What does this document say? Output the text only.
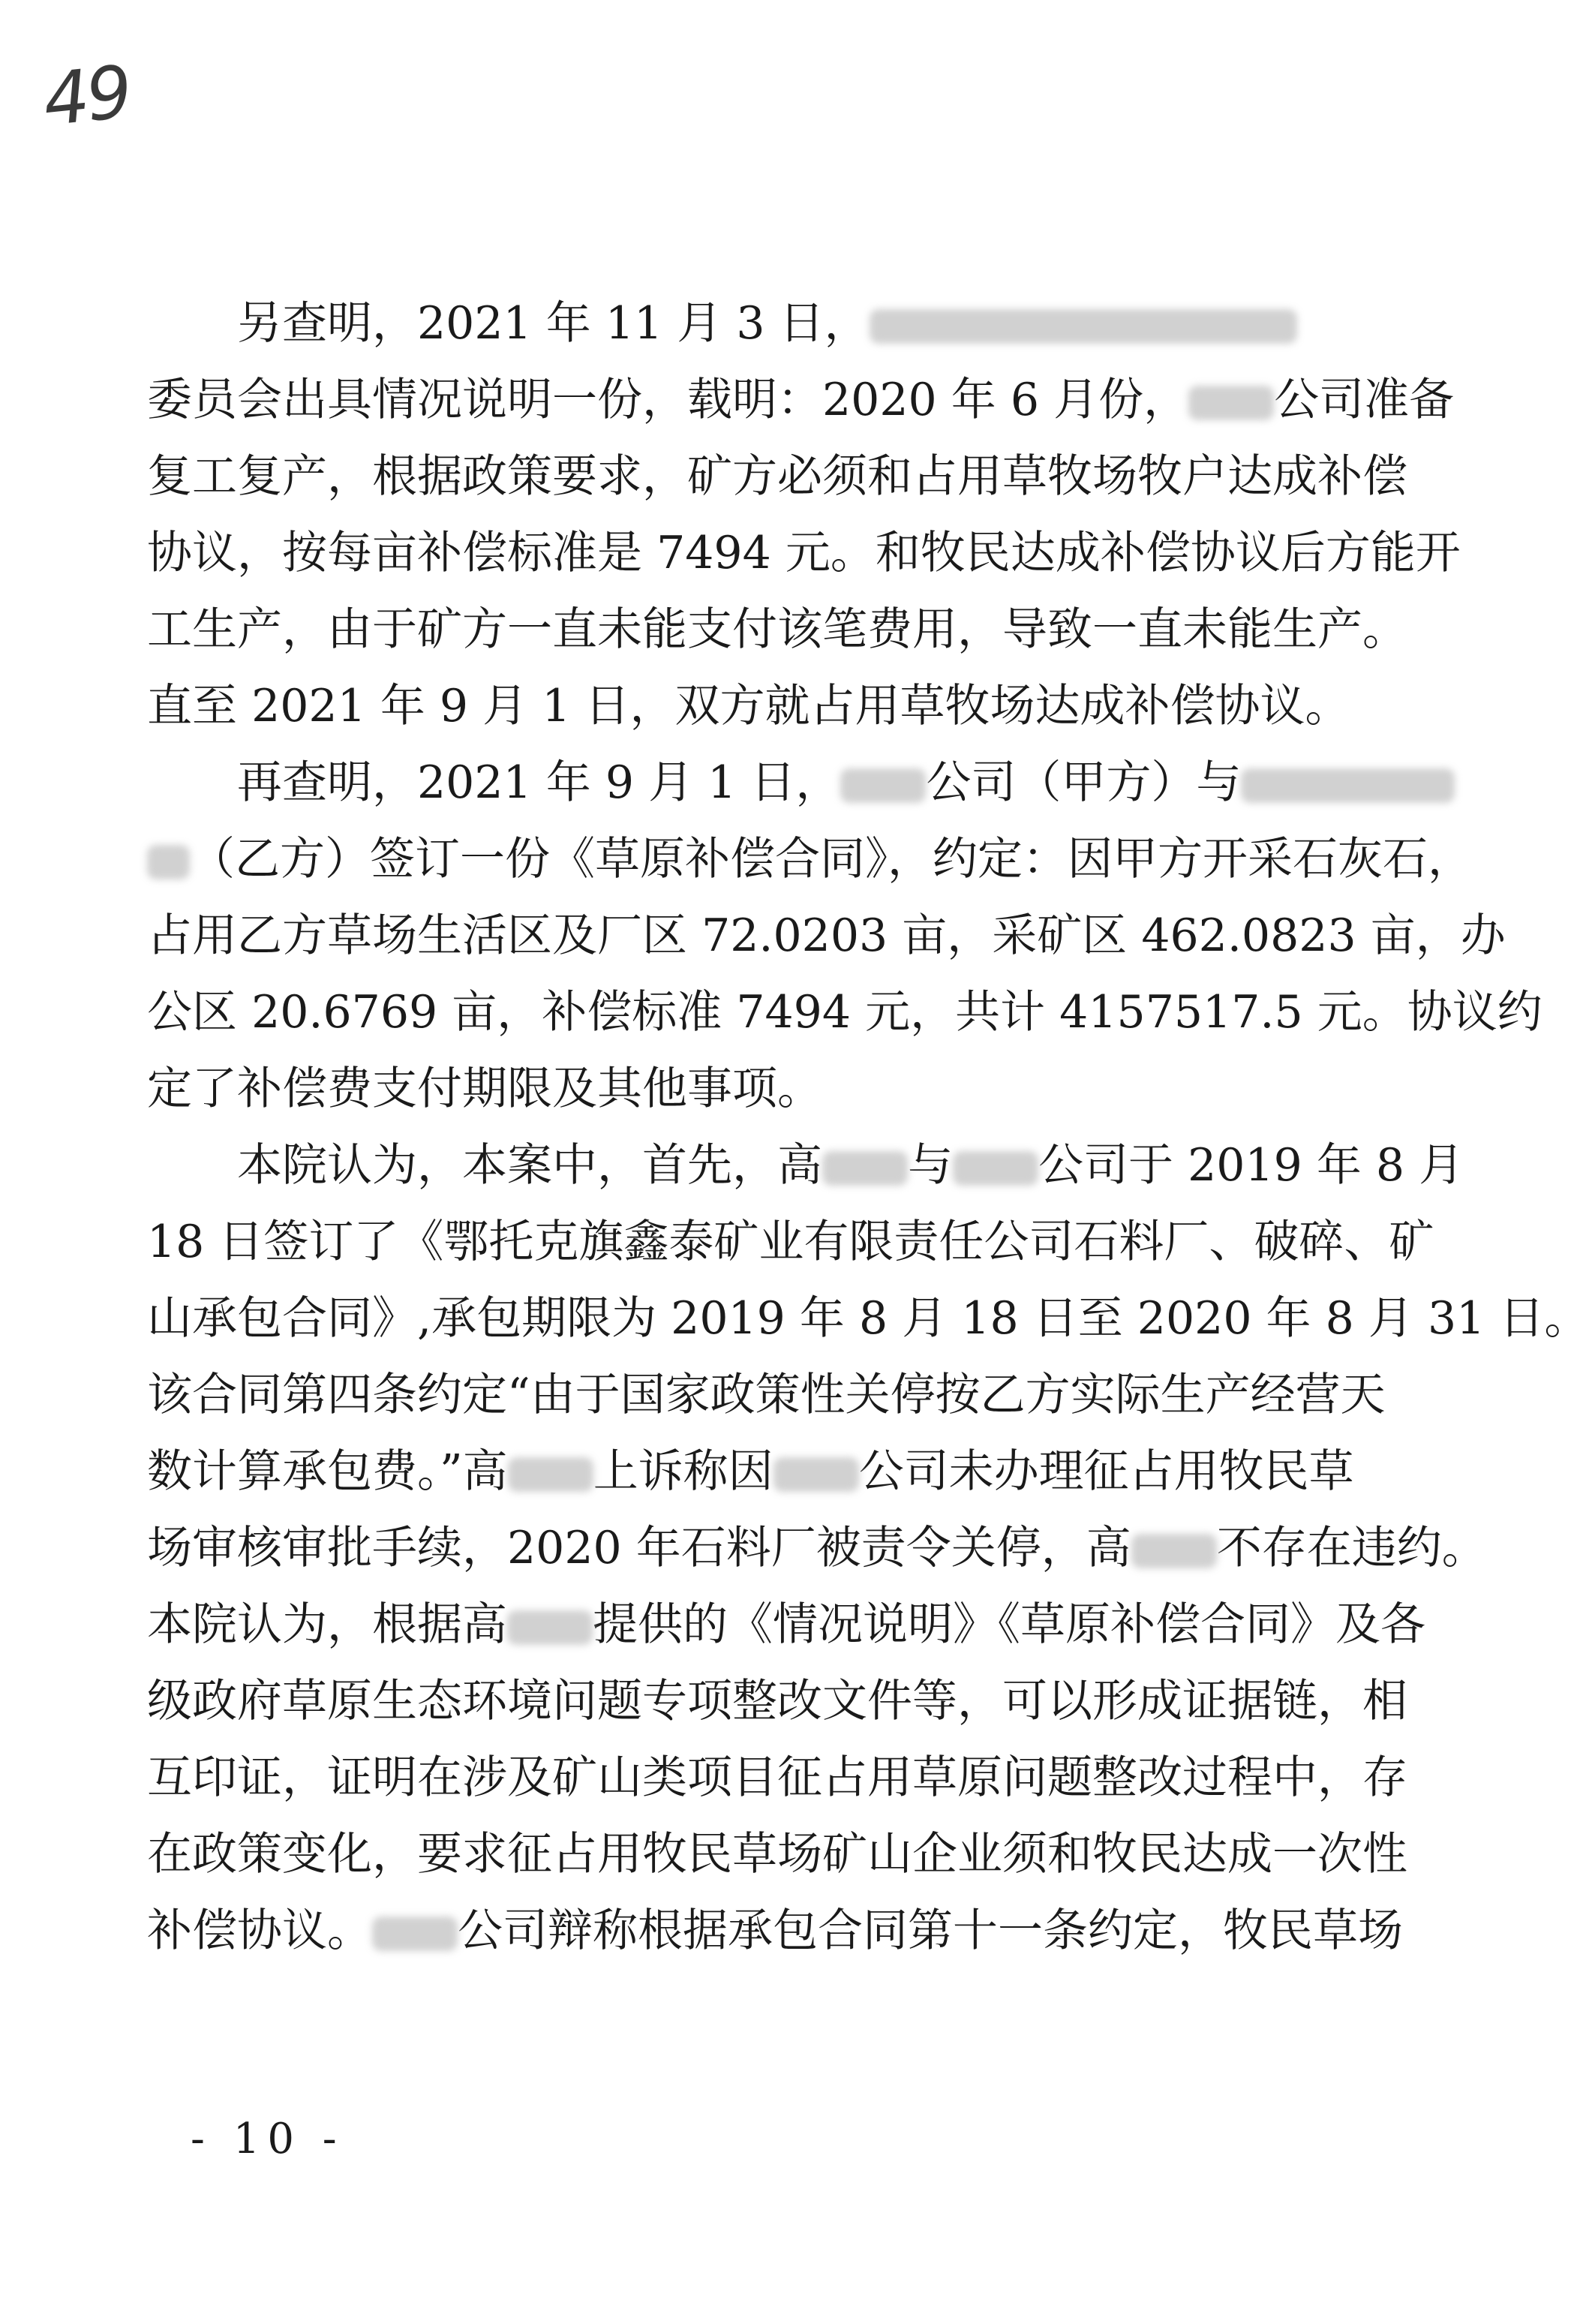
49
另查明，2021 年 11 月 3 日，
委员会出具情况说明一份，载明：2020 年 6 月份， 公司准备
复工复产，根据政策要求，矿方必须和占用草牧场牧户达成补偿
协议，按每亩补偿标准是 7494 元。和牧民达成补偿协议后方能开
工生产，由于矿方一直未能支付该笔费用，导致一直未能生产。
直至 2021 年 9 月 1 日，双方就占用草牧场达成补偿协议。
再查明，2021 年 9 月 1 日， 公司（甲方）与
（乙方）签订一份《草原补偿合同》，约定：因甲方开采石灰石，
占用乙方草场生活区及厂区 72.0203 亩，采矿区 462.0823 亩，办
公区 20.6769 亩，补偿标准 7494 元，共计 4157517.5 元。协议约
定了补偿费支付期限及其他事项。
本院认为，本案中，首先，高 与 公司于 2019 年 8 月
18 日签订了《鄂托克旗鑫泰矿业有限责任公司石料厂、破碎、矿
山承包合同》,承包期限为 2019 年 8 月 18 日至 2020 年 8 月 31 日。
该合同第四条约定“由于国家政策性关停按乙方实际生产经营天
数计算承包费。”高 上诉称因 公司未办理征占用牧民草
场审核审批手续，2020 年石料厂被责令关停，高 不存在违约。
本院认为，根据高 提供的《情况说明》《草原补偿合同》及各
级政府草原生态环境问题专项整改文件等，可以形成证据链，相
互印证，证明在涉及矿山类项目征占用草原问题整改过程中，存
在政策变化，要求征占用牧民草场矿山企业须和牧民达成一次性
补偿协议。 公司辩称根据承包合同第十一条约定，牧民草场
- 10 -
